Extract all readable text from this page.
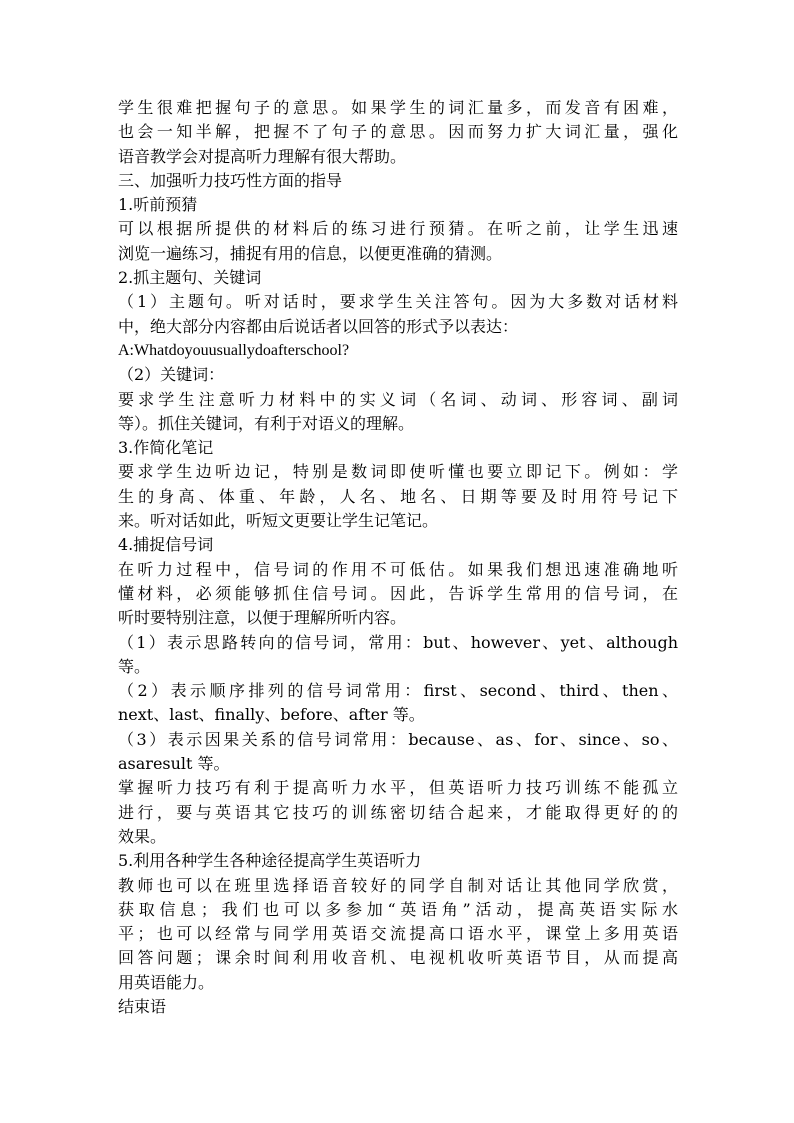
学生很难把握句子的意思。如果学生的词汇量多，而发音有困难，
也会一知半解，把握不了句子的意思。因而努力扩大词汇量，强化
语音教学会对提高听力理解有很大帮助。
三、加强听力技巧性方面的指导
1.听前预猜
可以根据所提供的材料后的练习进行预猜。在听之前，让学生迅速
浏览一遍练习，捕捉有用的信息，以便更准确的猜测。
2.抓主题句、关键词
（1）主题句。听对话时，要求学生关注答句。因为大多数对话材料
中，绝大部分内容都由后说话者以回答的形式予以表达：
A:Whatdoyouusuallydoafterschool?
（2）关键词：
要求学生注意听力材料中的实义词（名词、动词、形容词、副词
等）。抓住关键词，有利于对语义的理解。
3.作简化笔记
要求学生边听边记，特别是数词即使听懂也要立即记下。例如：学
生的身高、体重、年龄，人名、地名、日期等要及时用符号记下
来。听对话如此，听短文更要让学生记笔记。
4.捕捉信号词
在听力过程中，信号词的作用不可低估。如果我们想迅速准确地听
懂材料，必须能够抓住信号词。因此，告诉学生常用的信号词，在
听时要特别注意，以便于理解所听内容。
（1）表示思路转向的信号词，常用：but、however、yet、although
等。
（2）表示顺序排列的信号词常用：first、second、third、then、
next、last、finally、before、after 等。
（3）表示因果关系的信号词常用：because、as、for、since、so、
asaresult 等。
掌握听力技巧有利于提高听力水平，但英语听力技巧训练不能孤立
进行，要与英语其它技巧的训练密切结合起来，才能取得更好的的
效果。
5.利用各种学生各种途径提高学生英语听力
教师也可以在班里选择语音较好的同学自制对话让其他同学欣赏，
获取信息；我们也可以多参加“英语角”活动，提高英语实际水
平；也可以经常与同学用英语交流提高口语水平，课堂上多用英语
回答问题；课余时间利用收音机、电视机收听英语节目，从而提高
用英语能力。
结束语
